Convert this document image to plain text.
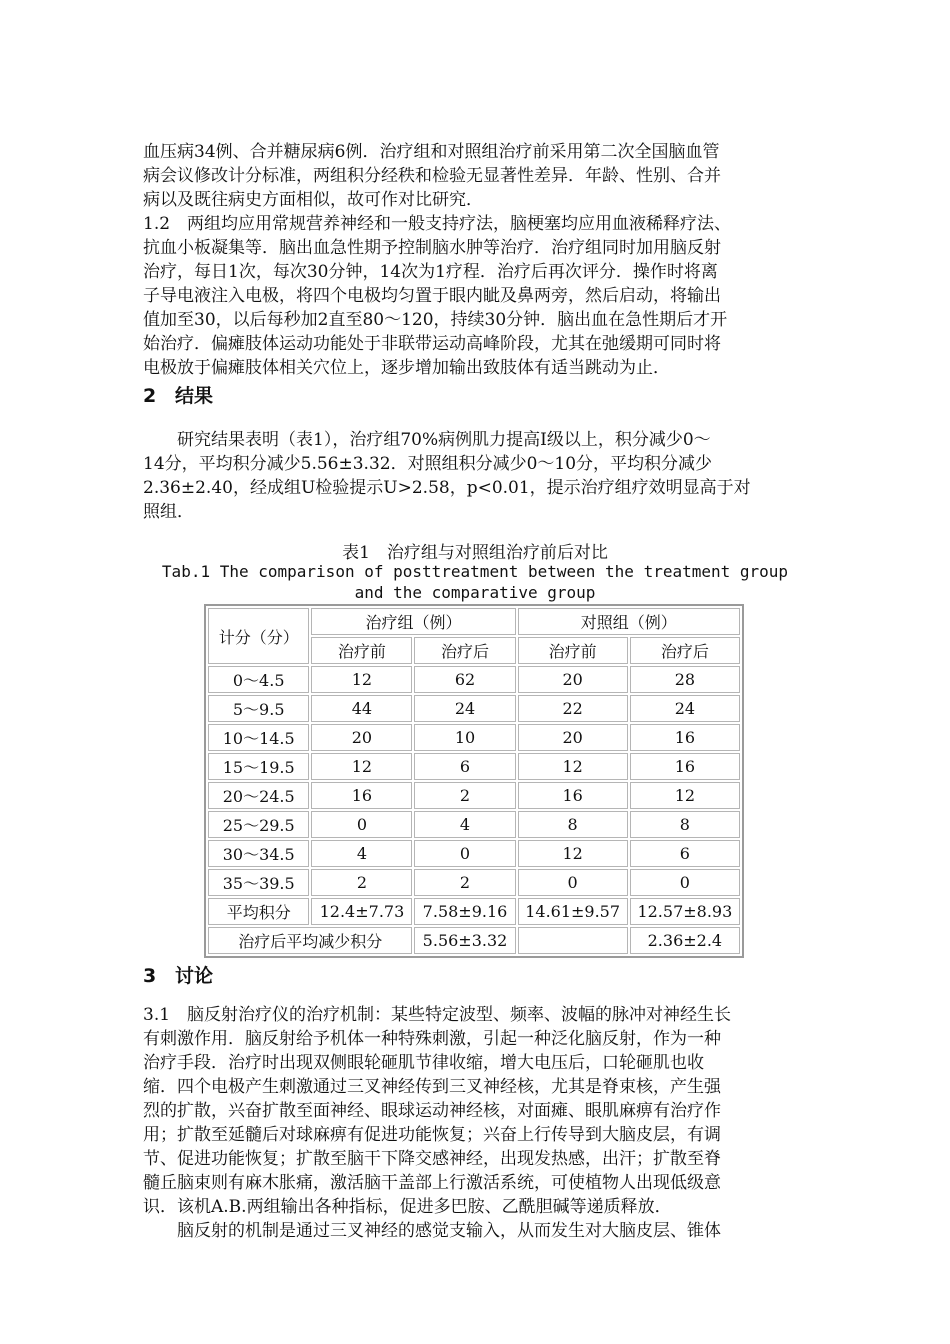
血压病34例、合并糖尿病6例．治疗组和对照组治疗前采用第二次全国脑血管
病会议修改计分标准，两组积分经秩和检验无显著性差异．年龄、性别、合并
病以及既往病史方面相似，故可作对比研究．
1.2　两组均应用常规营养神经和一般支持疗法，脑梗塞均应用血液稀释疗法、
抗血小板凝集等．脑出血急性期予控制脑水肿等治疗．治疗组同时加用脑反射
治疗，每日1次，每次30分钟，14次为1疗程．治疗后再次评分．操作时将离
子导电液注入电极，将四个电极均匀置于眼内眦及鼻两旁，然后启动，将输出
值加至30，以后每秒加2直至80～120，持续30分钟．脑出血在急性期后才开
始治疗．偏瘫肢体运动功能处于非联带运动高峰阶段，尤其在弛缓期可同时将
电极放于偏瘫肢体相关穴位上，逐步增加输出致肢体有适当跳动为止．
2 结果
　　研究结果表明（表1），治疗组70%病例肌力提高Ⅰ级以上，积分减少0～
14分，平均积分减少5.56±3.32．对照组积分减少0～10分，平均积分减少
2.36±2.40，经成组U检验提示U>2.58，p<0.01，提示治疗组疗效明显高于对
照组．
表1　治疗组与对照组治疗前后对比
Tab.1 The comparison of posttreatment between the treatment group
and the comparative group
计分（分）	治疗组（例）		对照组（例）	
	治疗前	治疗后	治疗前	治疗后
0～4.5	12	62	20	28
5～9.5	44	24	22	24
10～14.5	20	10	20	16
15～19.5	12	6	12	16
20～24.5	16	2	16	12
25～29.5	0	4	8	8
30～34.5	4	0	12	6
35～39.5	2	2	0	0
平均积分	12.4±7.73	7.58±9.16	14.61±9.57	12.57±8.93
治疗后平均减少积分		5.56±3.32		2.36±2.4
3 讨论
3.1　脑反射治疗仪的治疗机制：某些特定波型、频率、波幅的脉冲对神经生长
有刺激作用．脑反射给予机体一种特殊刺激，引起一种泛化脑反射，作为一种
治疗手段．治疗时出现双侧眼轮砸肌节律收缩，增大电压后，口轮砸肌也收
缩．四个电极产生刺激通过三叉神经传到三叉神经核，尤其是脊束核，产生强
烈的扩散，兴奋扩散至面神经、眼球运动神经核，对面瘫、眼肌麻痹有治疗作
用；扩散至延髓后对球麻痹有促进功能恢复；兴奋上行传导到大脑皮层，有调
节、促进功能恢复；扩散至脑干下降交感神经，出现发热感，出汗；扩散至脊
髓丘脑束则有麻木胀痛，激活脑干盖部上行激活系统，可使植物人出现低级意
识．该机A.B.两组输出各种指标，促进多巴胺、乙酰胆碱等递质释放．
　　脑反射的机制是通过三叉神经的感觉支输入，从而发生对大脑皮层、锥体
